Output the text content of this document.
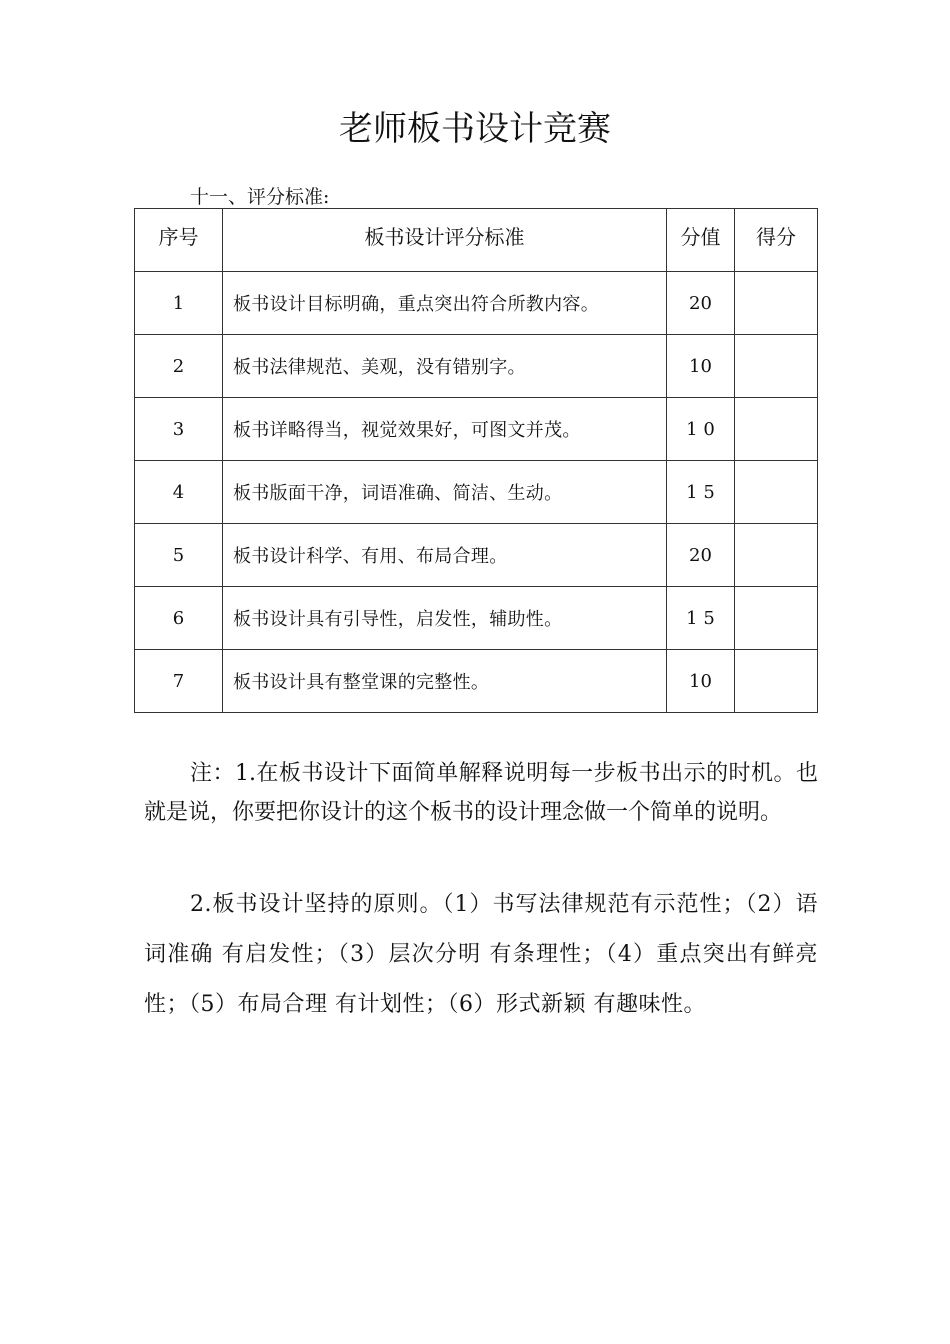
老师板书设计竞赛
十一、评分标准:
序号	板书设计评分标准	分值	得分
1	板书设计目标明确，重点突出符合所教内容。	20	
2	板书法律规范、美观，没有错别字。	10	
3	板书详略得当，视觉效果好，可图文并茂。	1 0	
4	板书版面干净，词语准确、简洁、生动。	1 5	
5	板书设计科学、有用、布局合理。	20	
6	板书设计具有引导性，启发性，辅助性。	1 5	
7	板书设计具有整堂课的完整性。	10	

注：1.在板书设计下面简单解释说明每一步板书出示的时机。也就是说，你要把你设计的这个板书的设计理念做一个简单的说明。

2.板书设计坚持的原则。（1）书写法律规范有示范性；（2）语词准确 有启发性；（3）层次分明 有条理性；（4）重点突出有鲜亮性；（5）布局合理 有计划性；（6）形式新颖 有趣味性。
